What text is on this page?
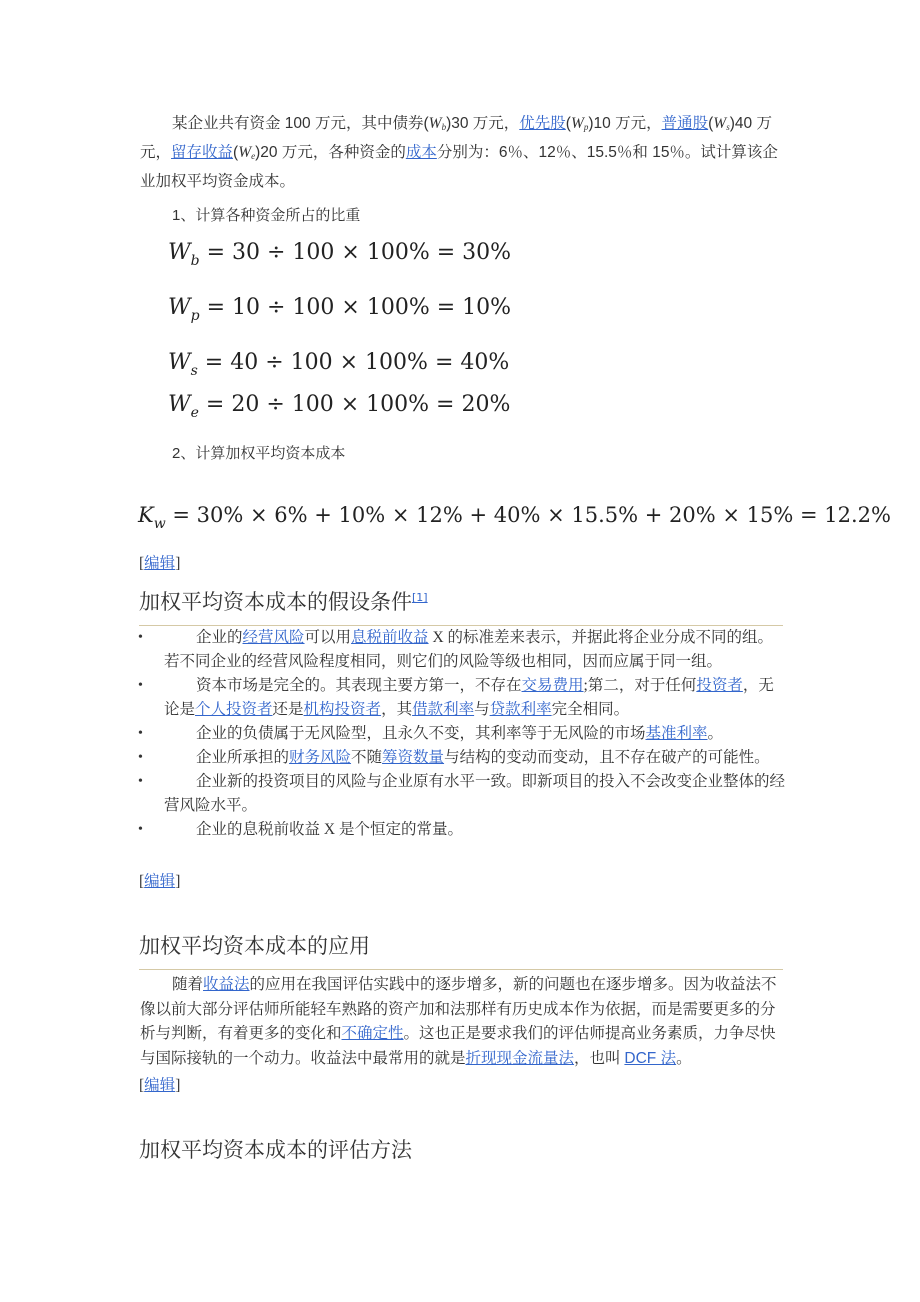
某企业共有资金 100 万元，其中债券$(W_b)30$ 万元，优先股$(W_p)10$ 万元，普通股$(W_s)40$ 万元，留存收益$(W_e)20$ 万元，各种资金的成本分别为：6％、12％、15.5％和 15％。试计算该企业加权平均资金成本。
1、计算各种资金所占的比重
$W_b = 30 \div 100 \times 100\% = 30\%$
$W_p = 10 \div 100 \times 100\% = 10\%$
$W_s = 40 \div 100 \times 100\% = 40\%$
$W_e = 20 \div 100 \times 100\% = 20\%$
2、计算加权平均资本成本
$K_w = 30\% \times 6\% + 10\% \times 12\% + 40\% \times 15.5\% + 20\% \times 15\% = 12.2\%$
[编辑]
加权平均资本成本的假设条件[1]
•	企业的经营风险可以用息税前收益 X 的标准差来表示，并据此将企业分成不同的组。若不同企业的经营风险程度相同，则它们的风险等级也相同，因而应属于同一组。
•	资本市场是完全的。其表现主要方第一，不存在交易费用;第二，对于任何投资者，无论是个人投资者还是机构投资者，其借款利率与贷款利率完全相同。
•	企业的负债属于无风险型，且永久不变，其利率等于无风险的市场基准利率。
•	企业所承担的财务风险不随筹资数量与结构的变动而变动，且不存在破产的可能性。
•	企业新的投资项目的风险与企业原有水平一致。即新项目的投入不会改变企业整体的经营风险水平。
•	企业的息税前收益 X 是个恒定的常量。
[编辑]
加权平均资本成本的应用
随着收益法的应用在我国评估实践中的逐步增多，新的问题也在逐步增多。因为收益法不像以前大部分评估师所能轻车熟路的资产加和法那样有历史成本作为依据，而是需要更多的分析与判断，有着更多的变化和不确定性。这也正是要求我们的评估师提高业务素质，力争尽快与国际接轨的一个动力。收益法中最常用的就是折现现金流量法，也叫 DCF 法。
[编辑]
加权平均资本成本的评估方法
